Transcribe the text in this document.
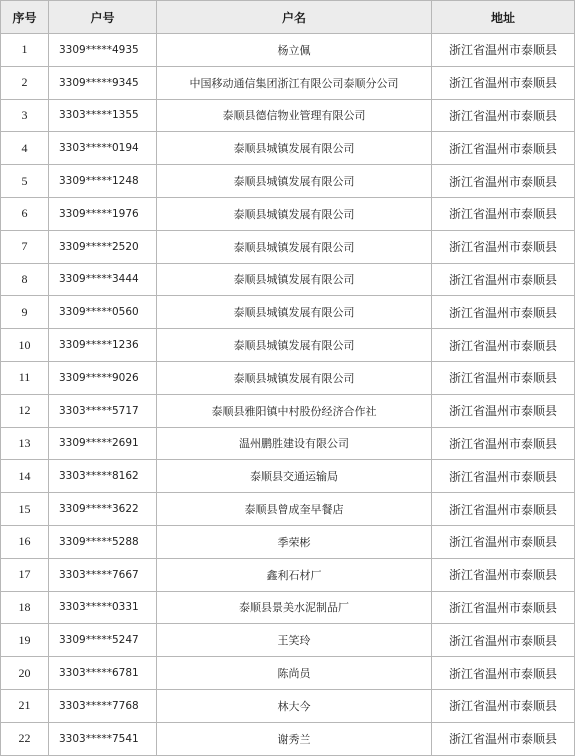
序号	户号	户名	地址
1	3309*****4935	杨立佩	浙江省温州市泰顺县
2	3309*****9345	中国移动通信集团浙江有限公司泰顺分公司	浙江省温州市泰顺县
3	3303*****1355	泰顺县德信物业管理有限公司	浙江省温州市泰顺县
4	3303*****0194	泰顺县城镇发展有限公司	浙江省温州市泰顺县
5	3309*****1248	泰顺县城镇发展有限公司	浙江省温州市泰顺县
6	3309*****1976	泰顺县城镇发展有限公司	浙江省温州市泰顺县
7	3309*****2520	泰顺县城镇发展有限公司	浙江省温州市泰顺县
8	3309*****3444	泰顺县城镇发展有限公司	浙江省温州市泰顺县
9	3309*****0560	泰顺县城镇发展有限公司	浙江省温州市泰顺县
10	3309*****1236	泰顺县城镇发展有限公司	浙江省温州市泰顺县
11	3309*****9026	泰顺县城镇发展有限公司	浙江省温州市泰顺县
12	3303*****5717	泰顺县雅阳镇中村股份经济合作社	浙江省温州市泰顺县
13	3309*****2691	温州鹏胜建设有限公司	浙江省温州市泰顺县
14	3303*****8162	泰顺县交通运输局	浙江省温州市泰顺县
15	3309*****3622	泰顺县曾成奎早餐店	浙江省温州市泰顺县
16	3309*****5288	季荣彬	浙江省温州市泰顺县
17	3303*****7667	鑫利石材厂	浙江省温州市泰顺县
18	3303*****0331	泰顺县景美水泥制品厂	浙江省温州市泰顺县
19	3309*****5247	王笑玲	浙江省温州市泰顺县
20	3303*****6781	陈尚员	浙江省温州市泰顺县
21	3303*****7768	林大今	浙江省温州市泰顺县
22	3303*****7541	谢秀兰	浙江省温州市泰顺县
